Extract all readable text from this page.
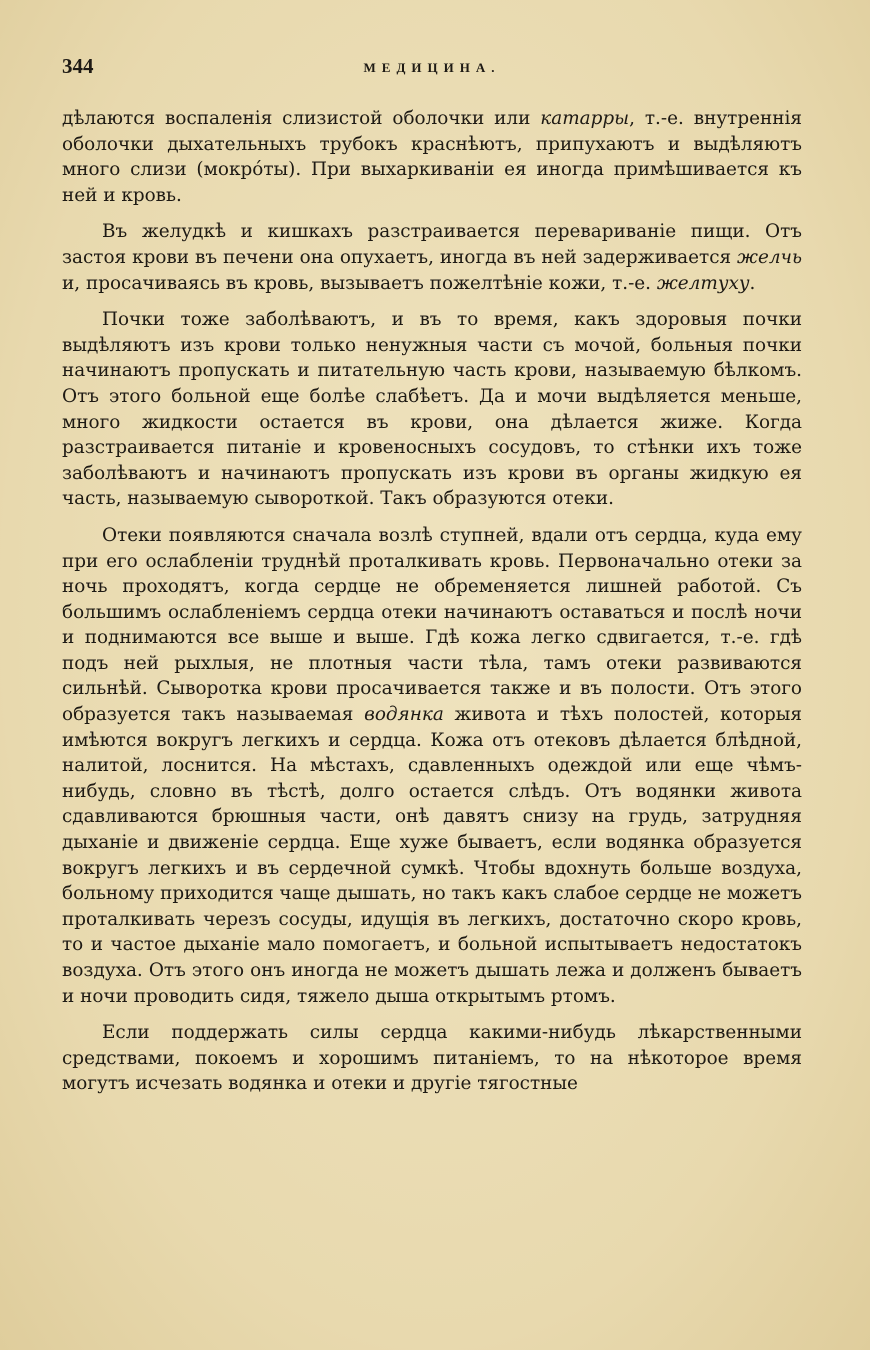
344	МЕДИЦИНА.

дѣлаются воспаленія слизистой оболочки или катарры, т.-е. внутреннія оболочки дыхательныхъ трубокъ краснѣютъ, припухаютъ и выдѣляютъ много слизи (мокро́ты). При выхаркиваніи ея иногда примѣшивается къ ней и кровь.

Въ желудкѣ и кишкахъ разстраивается перевариваніе пищи. Отъ застоя крови въ печени она опухаетъ, иногда въ ней задерживается желчь и, просачиваясь въ кровь, вызываетъ пожелтѣніе кожи, т.-е. желтуху.

Почки тоже заболѣваютъ, и въ то время, какъ здоровыя почки выдѣляютъ изъ крови только ненужныя части съ мочой, больныя почки начинаютъ пропускать и питательную часть крови, называемую бѣлкомъ. Отъ этого больной еще болѣе слабѣетъ. Да и мочи выдѣляется меньше, много жидкости остается въ крови, она дѣлается жиже. Когда разстраивается питаніе и кровеносныхъ сосудовъ, то стѣнки ихъ тоже заболѣваютъ и начинаютъ пропускать изъ крови въ органы жидкую ея часть, называемую сывороткой. Такъ образуются отеки.

Отеки появляются сначала возлѣ ступней, вдали отъ сердца, куда ему при его ослабленіи труднѣй проталкивать кровь. Первоначально отеки за ночь проходятъ, когда сердце не обременяется лишней работой. Съ большимъ ослабленіемъ сердца отеки начинаютъ оставаться и послѣ ночи и поднимаются все выше и выше. Гдѣ кожа легко сдвигается, т.-е. гдѣ подъ ней рыхлыя, не плотныя части тѣла, тамъ отеки развиваются сильнѣй. Сыворотка крови просачивается также и въ полости. Отъ этого образуется такъ называемая водянка живота и тѣхъ полостей, которыя имѣются вокругъ легкихъ и сердца. Кожа отъ отековъ дѣлается блѣдной, налитой, лоснится. На мѣстахъ, сдавленныхъ одеждой или еще чѣмъ-нибудь, словно въ тѣстѣ, долго остается слѣдъ. Отъ водянки живота сдавливаются брюшныя части, онѣ давятъ снизу на грудь, затрудняя дыханіе и движеніе сердца. Еще хуже бываетъ, если водянка образуется вокругъ легкихъ и въ сердечной сумкѣ. Чтобы вдохнуть больше воздуха, больному приходится чаще дышать, но такъ какъ слабое сердце не можетъ проталкивать черезъ сосуды, идущія въ легкихъ, достаточно скоро кровь, то и частое дыханіе мало помогаетъ, и больной испытываетъ недостатокъ воздуха. Отъ этого онъ иногда не можетъ дышать лежа и долженъ бываетъ и ночи проводить сидя, тяжело дыша открытымъ ртомъ.

Если поддержать силы сердца какими-нибудь лѣкарственными средствами, покоемъ и хорошимъ питаніемъ, то на нѣкоторое время могутъ исчезать водянка и отеки и другіе тягостные
